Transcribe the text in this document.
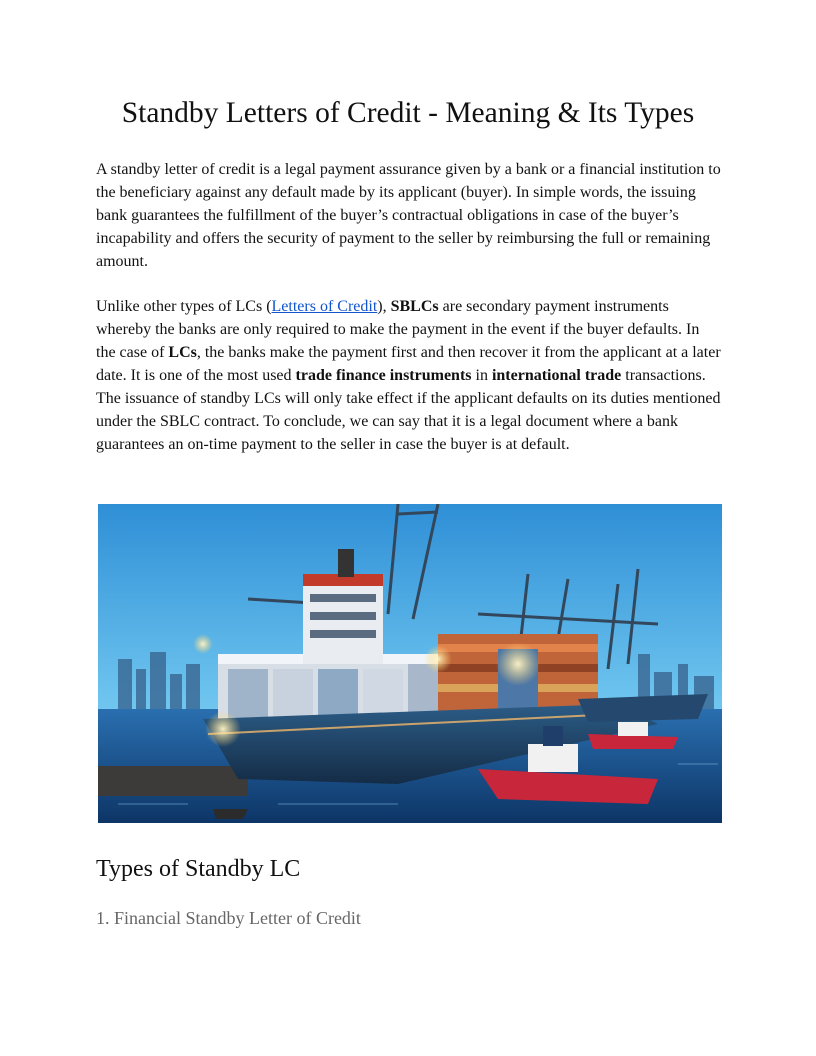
Standby Letters of Credit - Meaning & Its Types

A standby letter of credit is a legal payment assurance given by a bank or a financial institution to the beneficiary against any default made by its applicant (buyer). In simple words, the issuing bank guarantees the fulfillment of the buyer’s contractual obligations in case of the buyer’s incapability and offers the security of payment to the seller by reimbursing the full or remaining amount.

Unlike other types of LCs (Letters of Credit), SBLCs are secondary payment instruments whereby the banks are only required to make the payment in the event if the buyer defaults. In the case of LCs, the banks make the payment first and then recover it from the applicant at a later date. It is one of the most used trade finance instruments in international trade transactions. The issuance of standby LCs will only take effect if the applicant defaults on its duties mentioned under the SBLC contract. To conclude, we can say that it is a legal document where a bank guarantees an on-time payment to the seller in case the buyer is at default.

Types of Standby LC
1. Financial Standby Letter of Credit
